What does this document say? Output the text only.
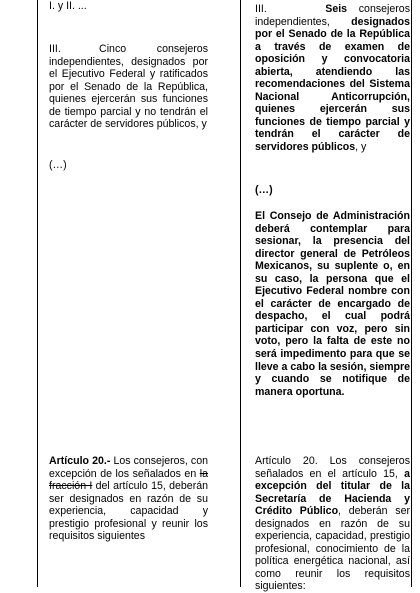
I. y II. ...

III.     Cinco    consejeros independientes, designados por el Ejecutivo Federal y ratificados por el Senado de la República, quienes ejercerán sus funciones de tiempo parcial y no tendrán el carácter de servidores públicos, y

(…)

Artículo 20.- Los consejeros, con excepción de los señalados en la fracción I del artículo 15, deberán ser designados en razón de su experiencia, capacidad y prestigio profesional y reunir los requisitos siguientes

III.	Seis consejeros independientes, designados por el Senado de la República a través de examen de oposición y convocatoria abierta, atendiendo las recomendaciones del Sistema Nacional Anticorrupción, quienes ejercerán sus funciones de tiempo parcial y tendrán el carácter de servidores públicos, y

(…)

El Consejo de Administración deberá contemplar para sesionar, la presencia del director general de Petróleos Mexicanos, su suplente o, en su caso, la persona que el Ejecutivo Federal nombre con el carácter de encargado de despacho, el cual podrá participar con voz, pero sin voto, pero la falta de este no será impedimento para que se lleve a cabo la sesión, siempre y cuando se notifique de manera oportuna.

Artículo 20. Los consejeros señalados en el artículo 15, a excepción del titular de la Secretaría de Hacienda y Crédito Público, deberán ser designados en razón de su experiencia, capacidad, prestigio profesional, conocimiento de la política energética nacional, así como reunir los requisitos siguientes:
